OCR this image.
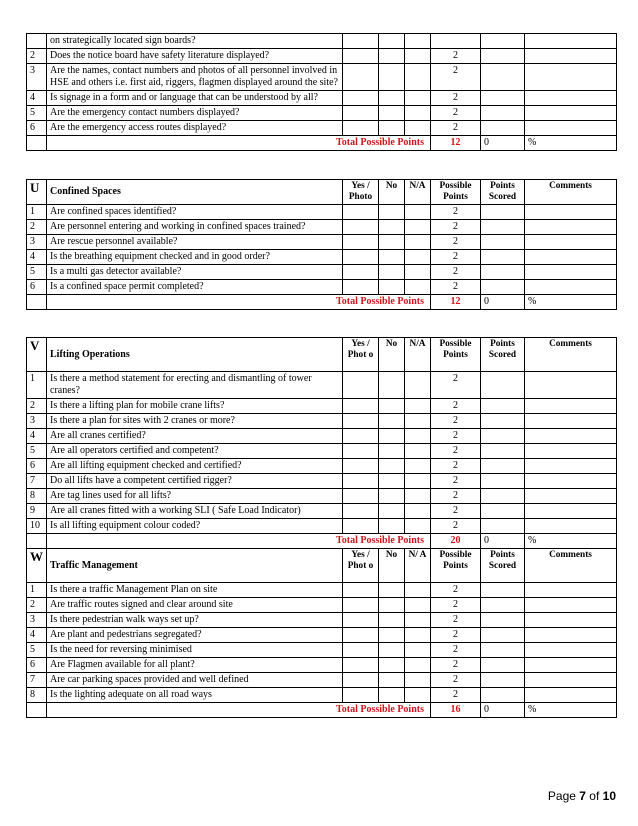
	on strategically located sign boards?						
2	Does the notice board have safety literature displayed?				2		
3	Are the names, contact numbers and photos of all personnel involved in HSE and others i.e. first aid, riggers, flagmen displayed around the site?				2		
4	Is signage in a form and or language that can be understood by all?				2		
5	Are the emergency contact numbers displayed?				2		
6	Are the emergency access routes displayed?				2		
	Total Possible Points				12	0	%
U	Confined Spaces	Yes / Photo	No	N/A	Possible Points	Points Scored	Comments
1	Are confined spaces identified?				2		
2	Are personnel entering and working in confined spaces trained?				2		
3	Are rescue personnel available?				2		
4	Is the breathing equipment checked and in good order?				2		
5	Is a multi gas detector available?				2		
6	Is a confined space permit completed?				2		
	Total Possible Points				12	0	%
V	Lifting Operations	Yes / Phot o	No	N/A	Possible Points	Points Scored	Comments
1	Is there a method statement for erecting and dismantling of tower cranes?				2		
2	Is there a lifting plan for mobile crane lifts?				2		
3	Is there a plan for sites with 2 cranes or more?				2		
4	Are all cranes certified?				2		
5	Are all operators certified and competent?				2		
6	Are all lifting equipment checked and certified?				2		
7	Do all lifts have a competent certified rigger?				2		
8	Are tag lines used for all lifts?				2		
9	Are all cranes fitted with a working SLI ( Safe Load Indicator)				2		
10	Is all lifting equipment colour coded?				2		
	Total Possible Points				20	0	%
W	Traffic Management	Yes / Phot o	No	N/ A	Possible Points	Points Scored	Comments
1	Is there a traffic Management Plan on site				2		
2	Are traffic routes signed and clear around site				2		
3	Is there pedestrian walk ways set up?				2		
4	Are plant and pedestrians segregated?				2		
5	Is the need for reversing minimised				2		
6	Are Flagmen available for all plant?				2		
7	Are car parking spaces provided and well defined				2		
8	Is the lighting adequate on all road ways				2		
	Total Possible Points				16	0	%
Page 7 of 10
